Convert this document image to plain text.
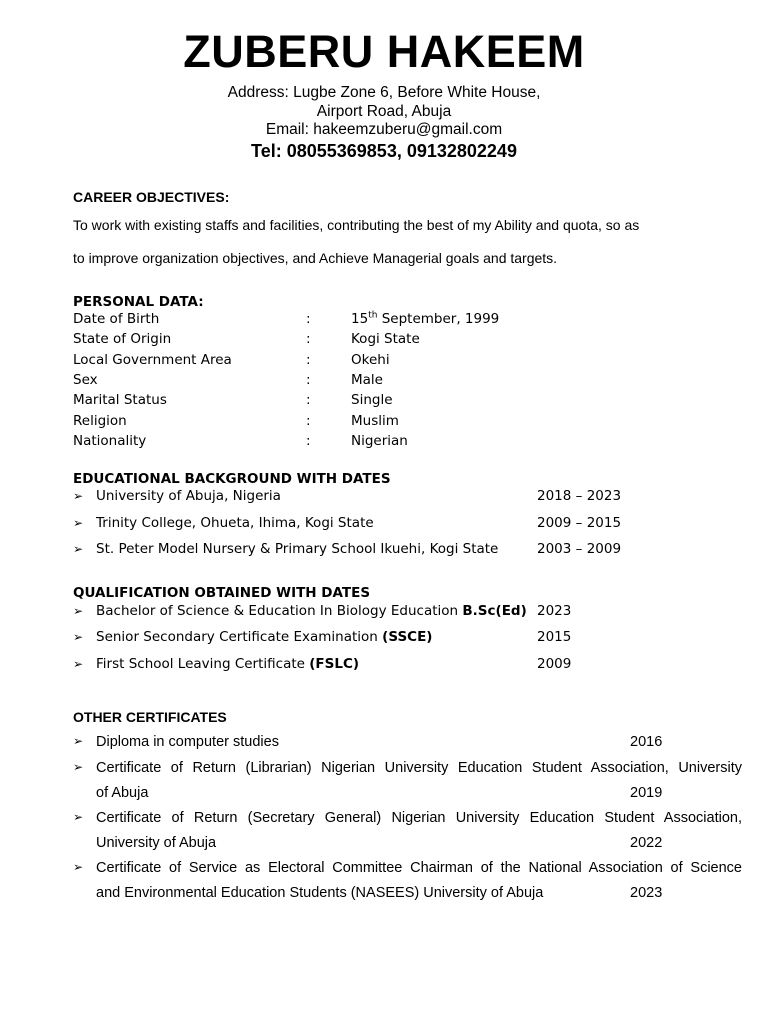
ZUBERU HAKEEM
Address: Lugbe Zone 6, Before White House,
Airport Road, Abuja
Email: hakeemzuberu@gmail.com
Tel: 08055369853, 09132802249
CAREER OBJECTIVES:
To work with existing staffs and facilities, contributing the best of my Ability and quota, so as
to improve organization objectives, and Achieve Managerial goals and targets.
PERSONAL DATA:
Date of Birth	:	15th September, 1999
State of Origin	:	Kogi State
Local Government Area	:	Okehi
Sex	:	Male
Marital Status	:	Single
Religion	:	Muslim
Nationality	:	Nigerian
EDUCATIONAL BACKGROUND WITH DATES
➢ University of Abuja, Nigeria	2018 – 2023
➢ Trinity College, Ohueta, Ihima, Kogi State	2009 – 2015
➢ St. Peter Model Nursery & Primary School Ikuehi, Kogi State	2003 – 2009
QUALIFICATION OBTAINED WITH DATES
➢ Bachelor of Science & Education In Biology Education B.Sc(Ed) 2023
➢ Senior Secondary Certificate Examination (SSCE)	2015
➢ First School Leaving Certificate (FSLC)	2009
OTHER CERTIFICATES
➢ Diploma in computer studies	2016
➢ Certificate of Return (Librarian) Nigerian University Education Student Association, University
of Abuja	2019
➢ Certificate of Return (Secretary General) Nigerian University Education Student Association,
University of Abuja	2022
➢ Certificate of Service as Electoral Committee Chairman of the National Association of Science
and Environmental Education Students (NASEES) University of Abuja	2023
